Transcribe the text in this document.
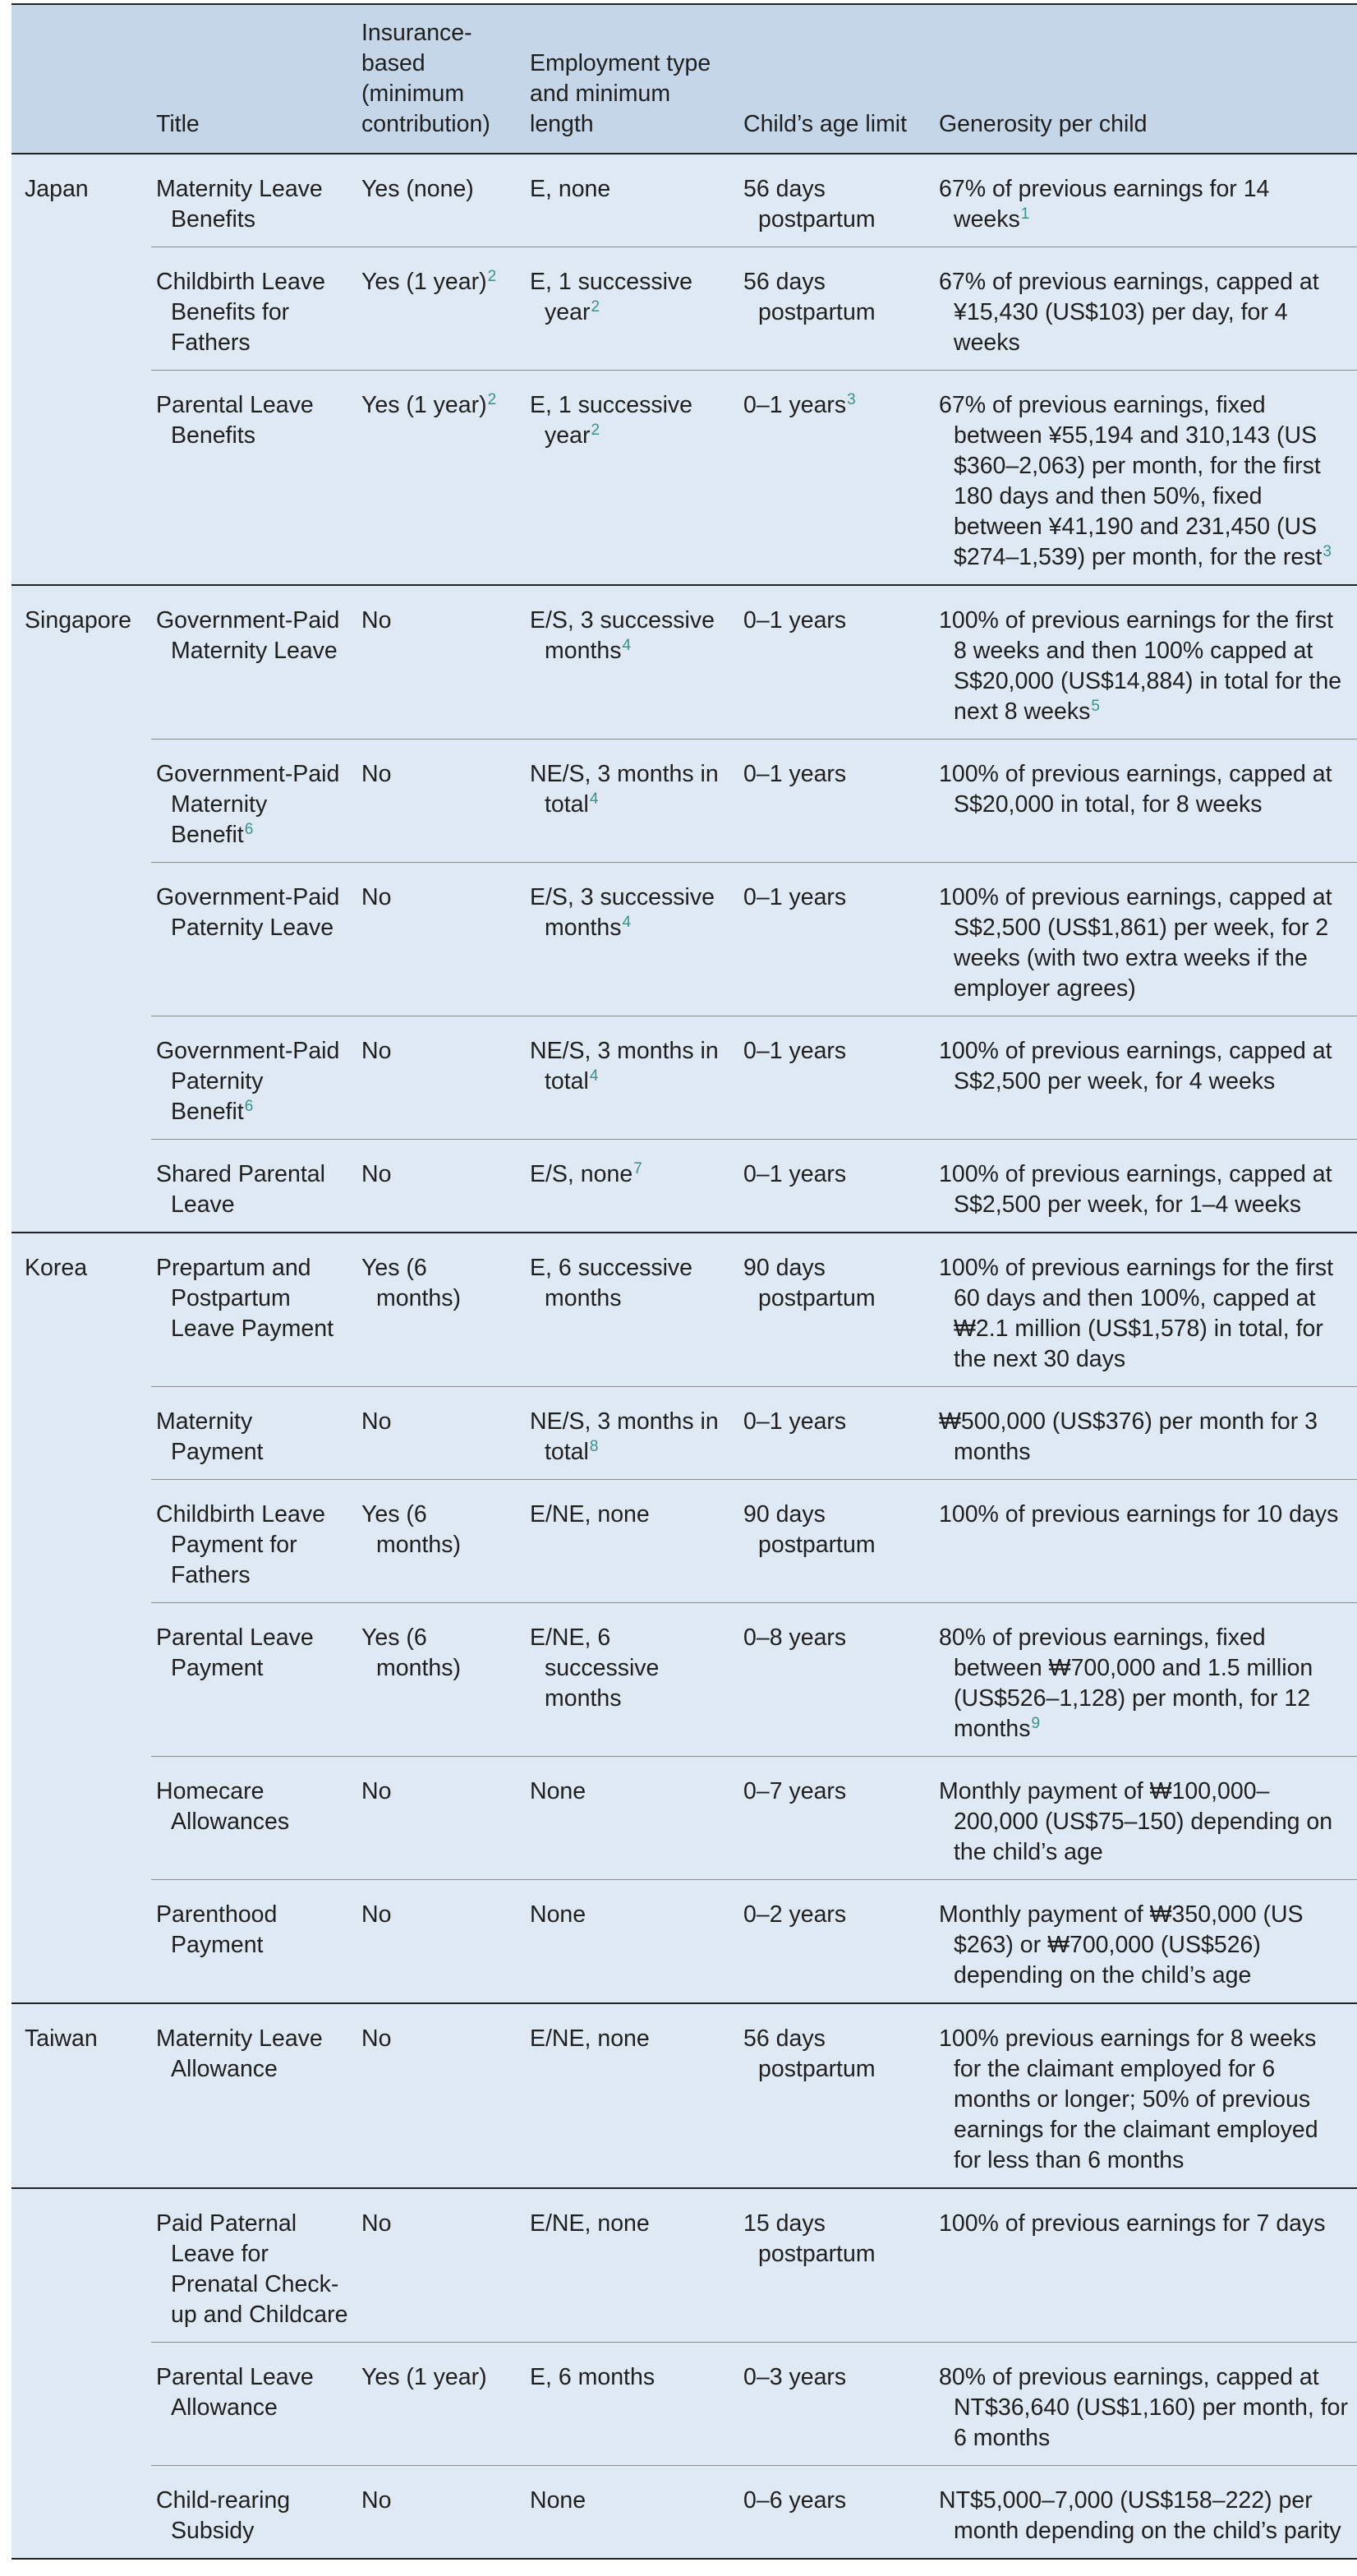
	Title	Insurance-based (minimum contribution)	Employment type and minimum length	Child’s age limit	Generosity per child
Japan	Maternity Leave Benefits	Yes (none)	E, none	56 days postpartum	67% of previous earnings for 14 weeks$^1$

	Childbirth Leave Benefits for Fathers	Yes (1 year)$^2$	E, 1 successive year$^2$	56 days postpartum	67% of previous earnings, capped at ¥15,430 (US$103) per day, for 4 weeks

	Parental Leave Benefits	Yes (1 year)$^2$	E, 1 successive year$^2$	0–1 years$^3$	67% of previous earnings, fixed between ¥55,194 and 310,143 (US $360–2,063) per month, for the first 180 days and then 50%, fixed between ¥41,190 and 231,450 (US $274–1,539) per month, for the rest$^3$

Singapore	Government-Paid Maternity Leave	No	E/S, 3 successive months$^4$	0–1 years	100% of previous earnings for the first 8 weeks and then 100% capped at S$20,000 (US$14,884) in total for the next 8 weeks$^5$

	Government-Paid Maternity Benefit$^6$	No	NE/S, 3 months in total$^4$	0–1 years	100% of previous earnings, capped at S$20,000 in total, for 8 weeks

	Government-Paid Paternity Leave	No	E/S, 3 successive months$^4$	0–1 years	100% of previous earnings, capped at S$2,500 (US$1,861) per week, for 2 weeks (with two extra weeks if the employer agrees)

	Government-Paid Paternity Benefit$^6$	No	NE/S, 3 months in total$^4$	0–1 years	100% of previous earnings, capped at S$2,500 per week, for 4 weeks

	Shared Parental Leave	No	E/S, none$^7$	0–1 years	100% of previous earnings, capped at S$2,500 per week, for 1–4 weeks

Korea	Prepartum and Postpartum Leave Payment	Yes (6 months)	E, 6 successive months	90 days postpartum	100% of previous earnings for the first 60 days and then 100%, capped at ₩2.1 million (US$1,578) in total, for the next 30 days

	Maternity Payment	No	NE/S, 3 months in total$^8$	0–1 years	₩500,000 (US$376) per month for 3 months

	Childbirth Leave Payment for Fathers	Yes (6 months)	E/NE, none	90 days postpartum	100% of previous earnings for 10 days

	Parental Leave Payment	Yes (6 months)	E/NE, 6 successive months	0–8 years	80% of previous earnings, fixed between ₩700,000 and 1.5 million (US$526–1,128) per month, for 12 months$^9$

	Homecare Allowances	No	None	0–7 years	Monthly payment of ₩100,000–200,000 (US$75–150) depending on the child’s age

	Parenthood Payment	No	None	0–2 years	Monthly payment of ₩350,000 (US $263) or ₩700,000 (US$526) depending on the child’s age

Taiwan	Maternity Leave Allowance	No	E/NE, none	56 days postpartum	100% previous earnings for 8 weeks for the claimant employed for 6 months or longer; 50% of previous earnings for the claimant employed for less than 6 months

	Paid Paternal Leave for Prenatal Check-up and Childcare	No	E/NE, none	15 days postpartum	100% of previous earnings for 7 days

	Parental Leave Allowance	Yes (1 year)	E, 6 months	0–3 years	80% of previous earnings, capped at NT$36,640 (US$1,160) per month, for 6 months

	Child-rearing Subsidy	No	None	0–6 years	NT$5,000–7,000 (US$158–222) per month depending on the child’s parity
